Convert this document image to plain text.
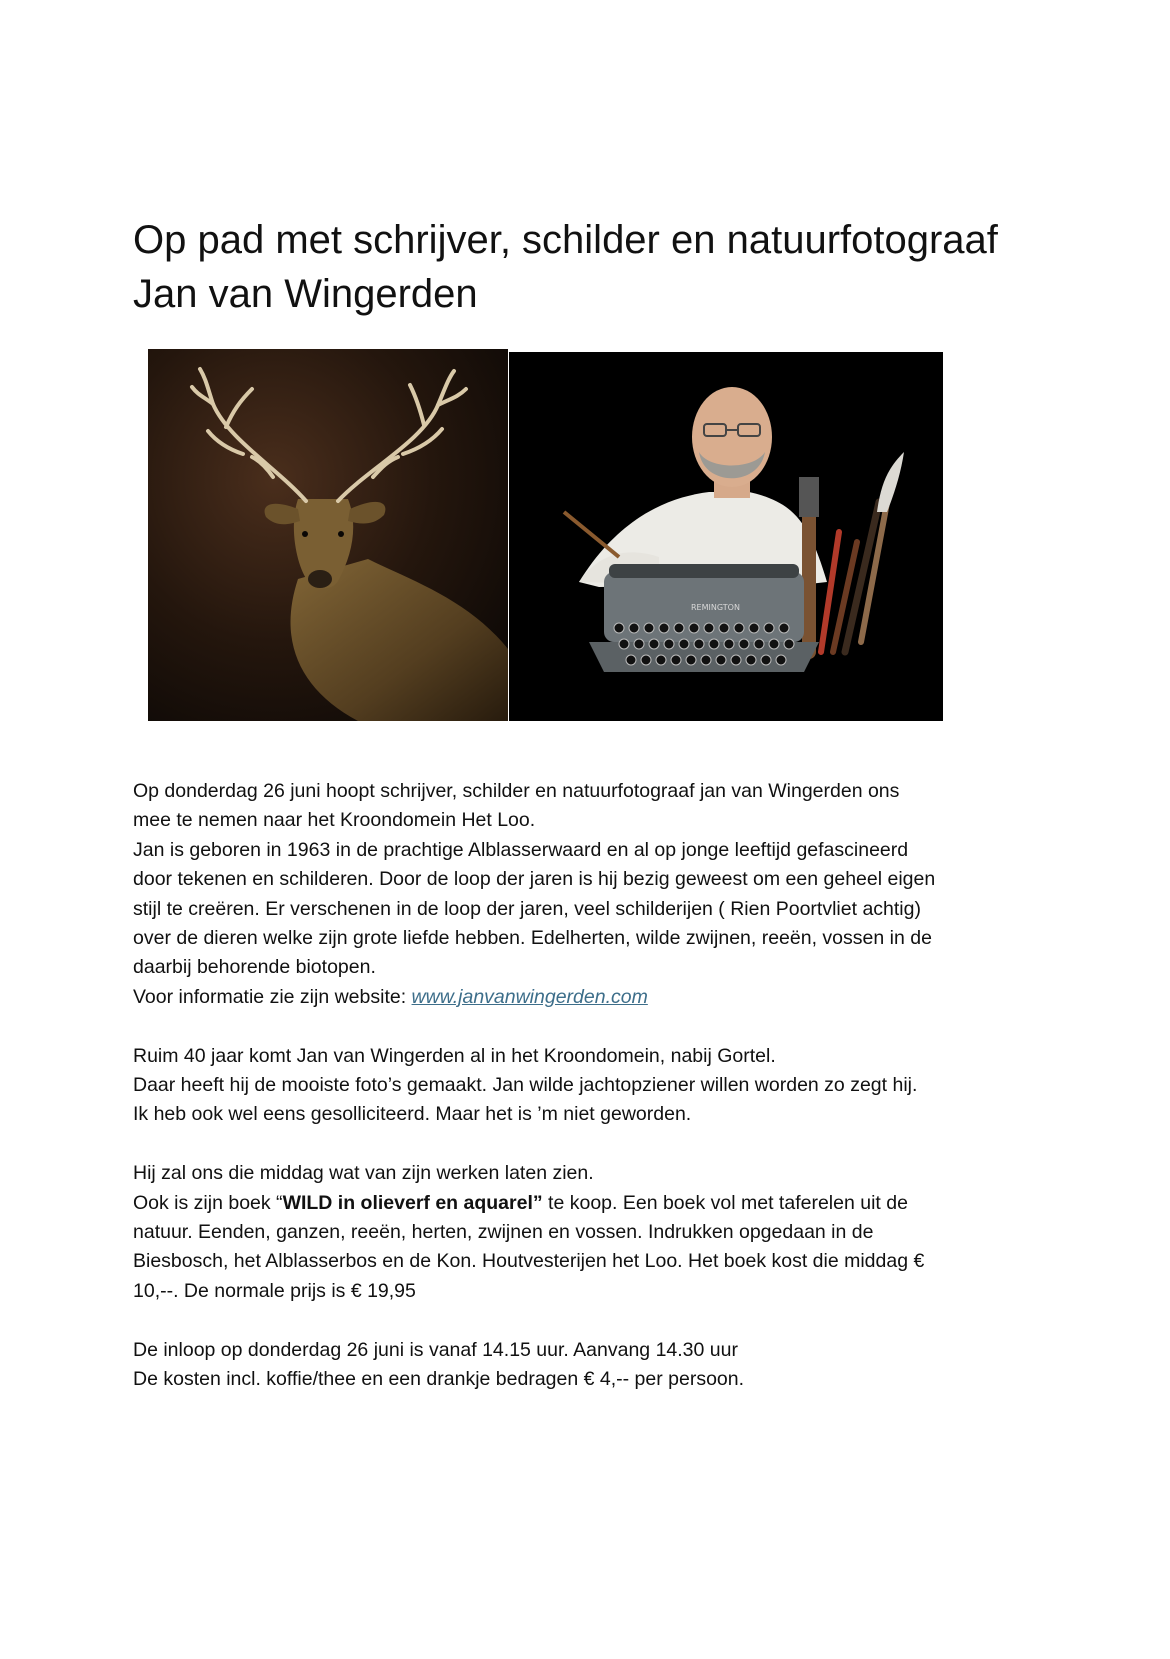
Op pad met schrijver, schilder en natuurfotograaf
Jan van Wingerden
REMINGTON

Op donderdag 26 juni hoopt schrijver, schilder en natuurfotograaf jan van Wingerden ons

mee te nemen naar het Kroondomein Het Loo.

Jan is geboren in 1963 in de prachtige Alblasserwaard en al op jonge leeftijd gefascineerd

door tekenen en schilderen. Door de loop der jaren is hij bezig geweest om een geheel eigen

stijl te creëren. Er verschenen in de loop der jaren, veel schilderijen ( Rien Poortvliet achtig)

over de dieren welke zijn grote liefde hebben. Edelherten, wilde zwijnen, reeën, vossen in de

daarbij behorende biotopen.

Voor informatie zie zijn website: www.janvanwingerden.com

Ruim 40 jaar komt Jan van Wingerden al in het Kroondomein, nabij Gortel.

Daar heeft hij de mooiste foto’s gemaakt. Jan wilde jachtopziener willen worden zo zegt hij.

Ik heb ook wel eens gesolliciteerd. Maar het is ’m niet geworden.

Hij zal ons die middag wat van zijn werken laten zien.

Ook is zijn boek “WILD in olieverf en aquarel” te koop. Een boek vol met taferelen uit de

natuur. Eenden, ganzen, reeën, herten, zwijnen en vossen. Indrukken opgedaan in de

Biesbosch, het Alblasserbos en de Kon. Houtvesterijen het Loo. Het boek kost die middag €

10,--. De normale prijs is € 19,95

De inloop op donderdag 26 juni is vanaf 14.15 uur. Aanvang 14.30 uur

De kosten incl. koffie/thee en een drankje bedragen € 4,-- per persoon.
